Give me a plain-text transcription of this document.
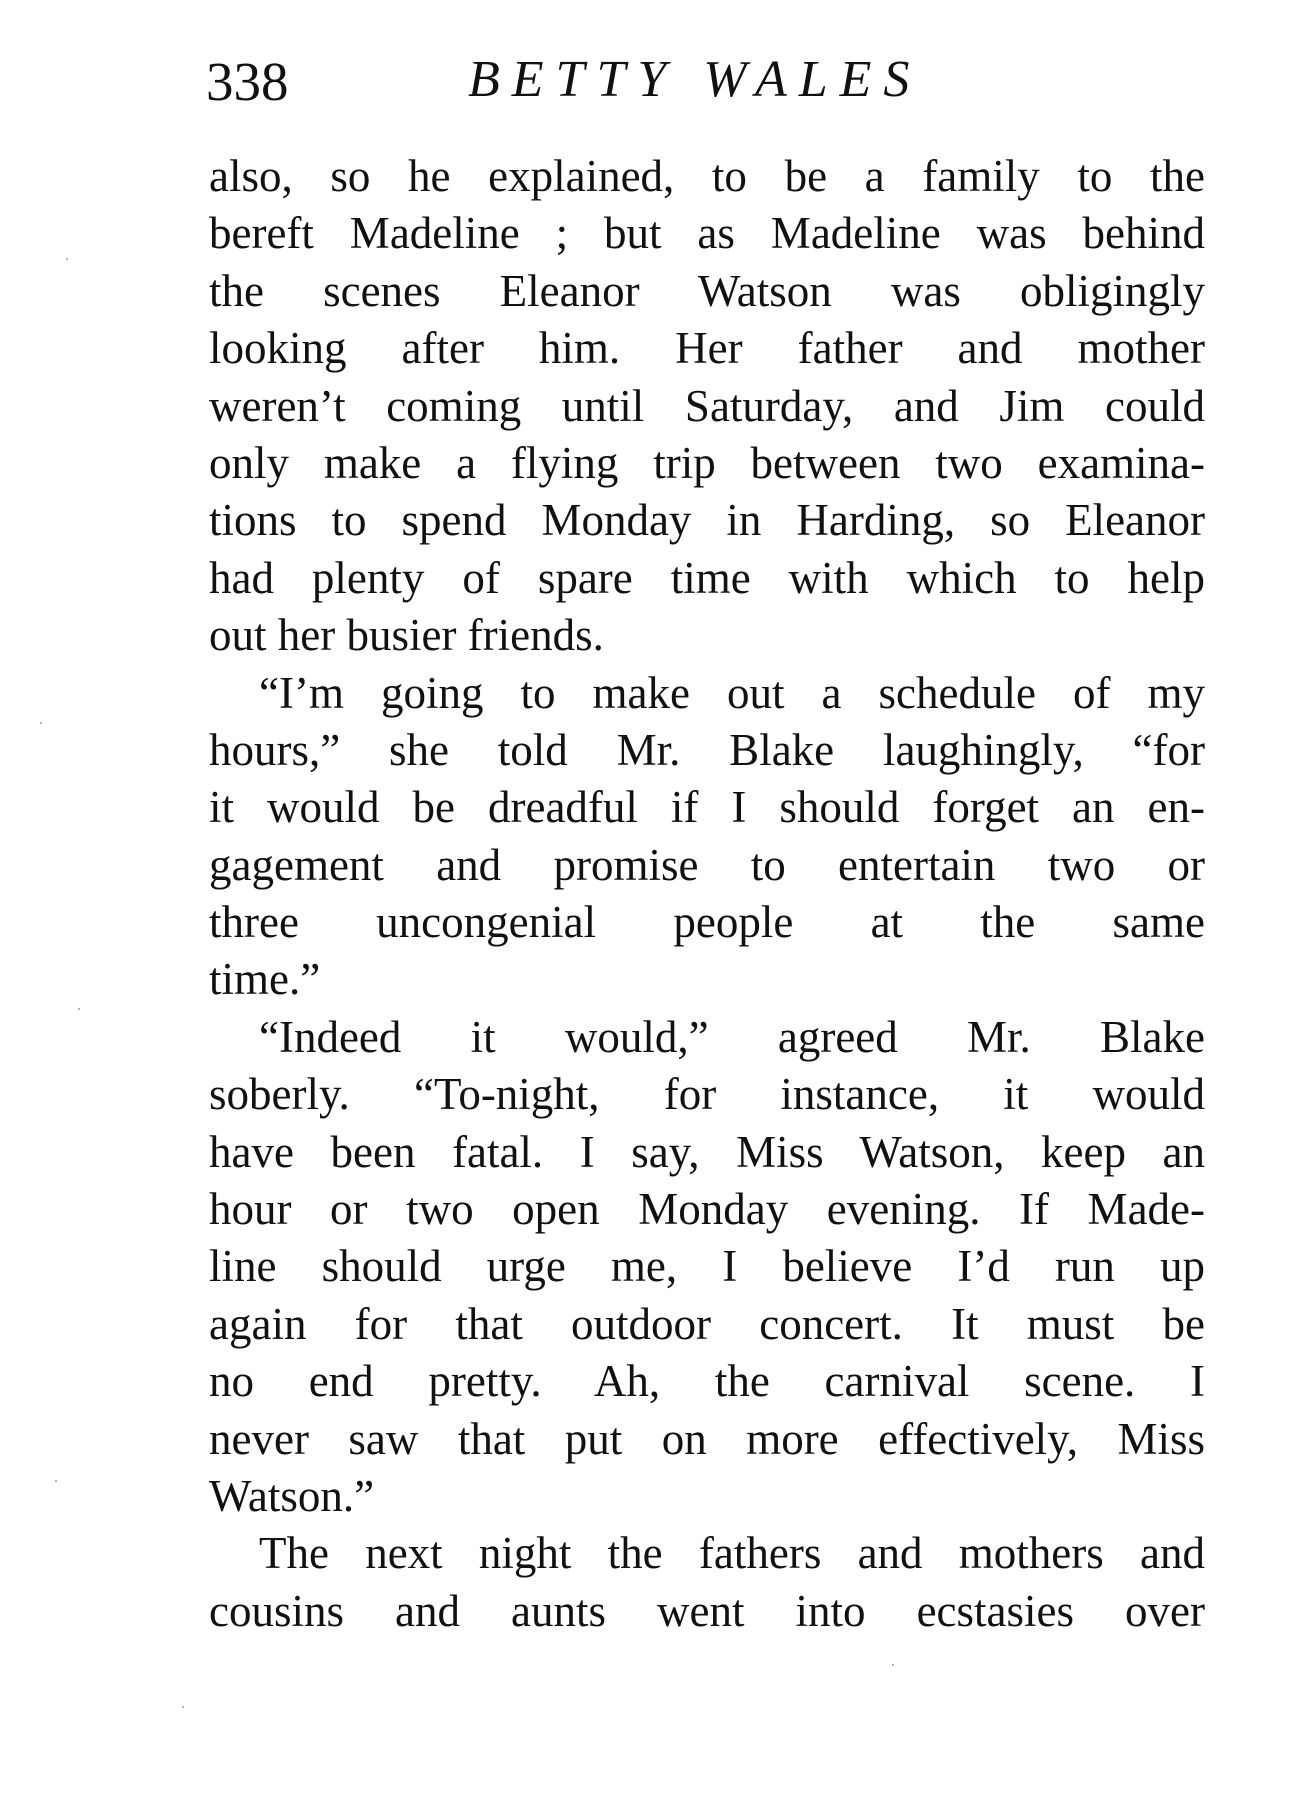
338	BETTY WALES
also, so he explained, to be a family to the
bereft Madeline ; but as Madeline was behind
the scenes Eleanor Watson was obligingly
looking after him. Her father and mother
weren’t coming until Saturday, and Jim could
only make a flying trip between two examina-
tions to spend Monday in Harding, so Eleanor
had plenty of spare time with which to help
out her busier friends.
“I’m going to make out a schedule of my
hours,” she told Mr. Blake laughingly, “for
it would be dreadful if I should forget an en-
gagement and promise to entertain two or
three uncongenial people at the same
time.”
“Indeed it would,” agreed Mr. Blake
soberly. “To-night, for instance, it would
have been fatal. I say, Miss Watson, keep an
hour or two open Monday evening. If Made-
line should urge me, I believe I’d run up
again for that outdoor concert. It must be
no end pretty. Ah, the carnival scene. I
never saw that put on more effectively, Miss
Watson.”
The next night the fathers and mothers and
cousins and aunts went into ecstasies over
